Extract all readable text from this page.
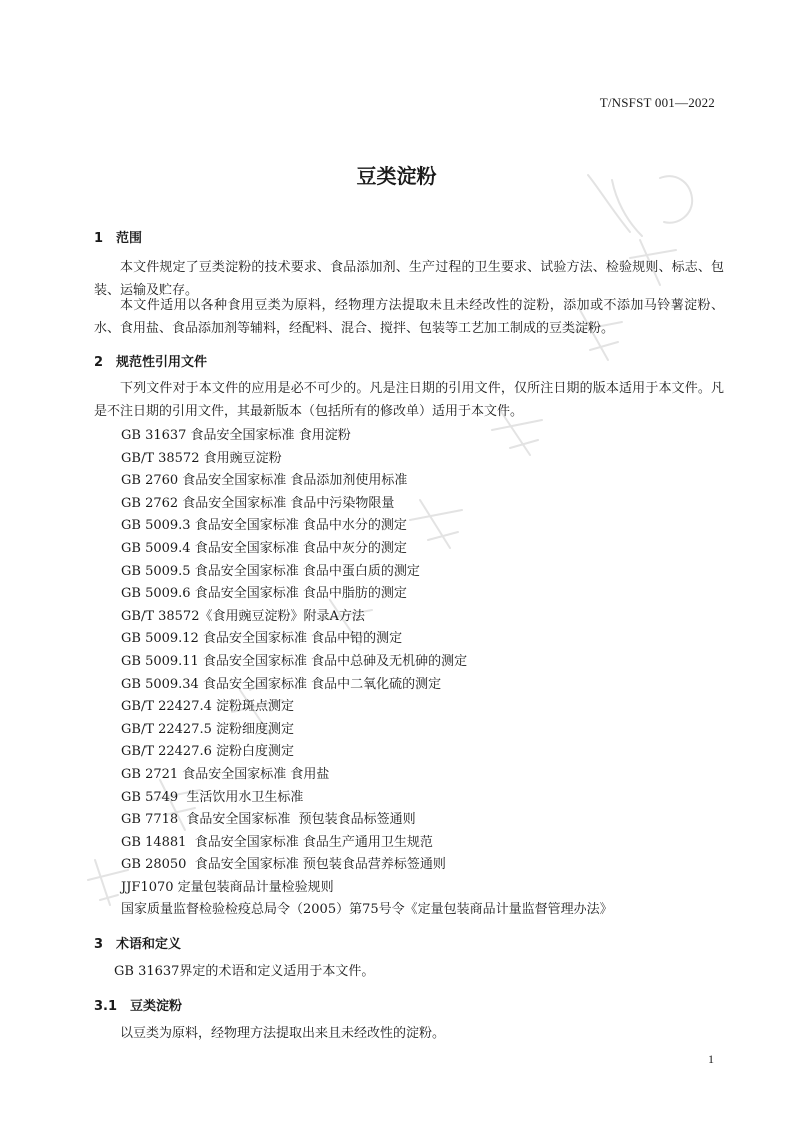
T/NSFST 001—2022
豆类淀粉
1　范围

本文件规定了豆类淀粉的技术要求、食品添加剂、生产过程的卫生要求、试验方法、检验规则、标志、包装、运输及贮存。

本文件适用以各种食用豆类为原料，经物理方法提取未且未经改性的淀粉，添加或不添加马铃薯淀粉、水、食用盐、食品添加剂等辅料，经配料、混合、搅拌、包装等工艺加工制成的豆类淀粉。

2　规范性引用文件

下列文件对于本文件的应用是必不可少的。凡是注日期的引用文件，仅所注日期的版本适用于本文件。凡是不注日期的引用文件，其最新版本（包括所有的修改单）适用于本文件。

GB 31637 食品安全国家标准 食用淀粉
GB/T 38572 食用豌豆淀粉
GB 2760 食品安全国家标准 食品添加剂使用标准
GB 2762 食品安全国家标准 食品中污染物限量
GB 5009.3 食品安全国家标准 食品中水分的测定
GB 5009.4 食品安全国家标准 食品中灰分的测定
GB 5009.5 食品安全国家标准 食品中蛋白质的测定
GB 5009.6 食品安全国家标准 食品中脂肪的测定
GB/T 38572《食用豌豆淀粉》附录A方法
GB 5009.12 食品安全国家标准 食品中铅的测定
GB 5009.11 食品安全国家标准 食品中总砷及无机砷的测定
GB 5009.34 食品安全国家标准 食品中二氧化硫的测定
GB/T 22427.4 淀粉斑点测定
GB/T 22427.5 淀粉细度测定
GB/T 22427.6 淀粉白度测定
GB 2721 食品安全国家标准 食用盐
GB 5749  生活饮用水卫生标准
GB 7718  食品安全国家标准  预包装食品标签通则
GB 14881  食品安全国家标准 食品生产通用卫生规范
GB 28050  食品安全国家标准 预包装食品营养标签通则
JJF1070 定量包装商品计量检验规则
国家质量监督检验检疫总局令（2005）第75号令《定量包装商品计量监督管理办法》
3　术语和定义

GB 31637界定的术语和定义适用于本文件。

3.1　豆类淀粉

以豆类为原料，经物理方法提取出来且未经改性的淀粉。

1
